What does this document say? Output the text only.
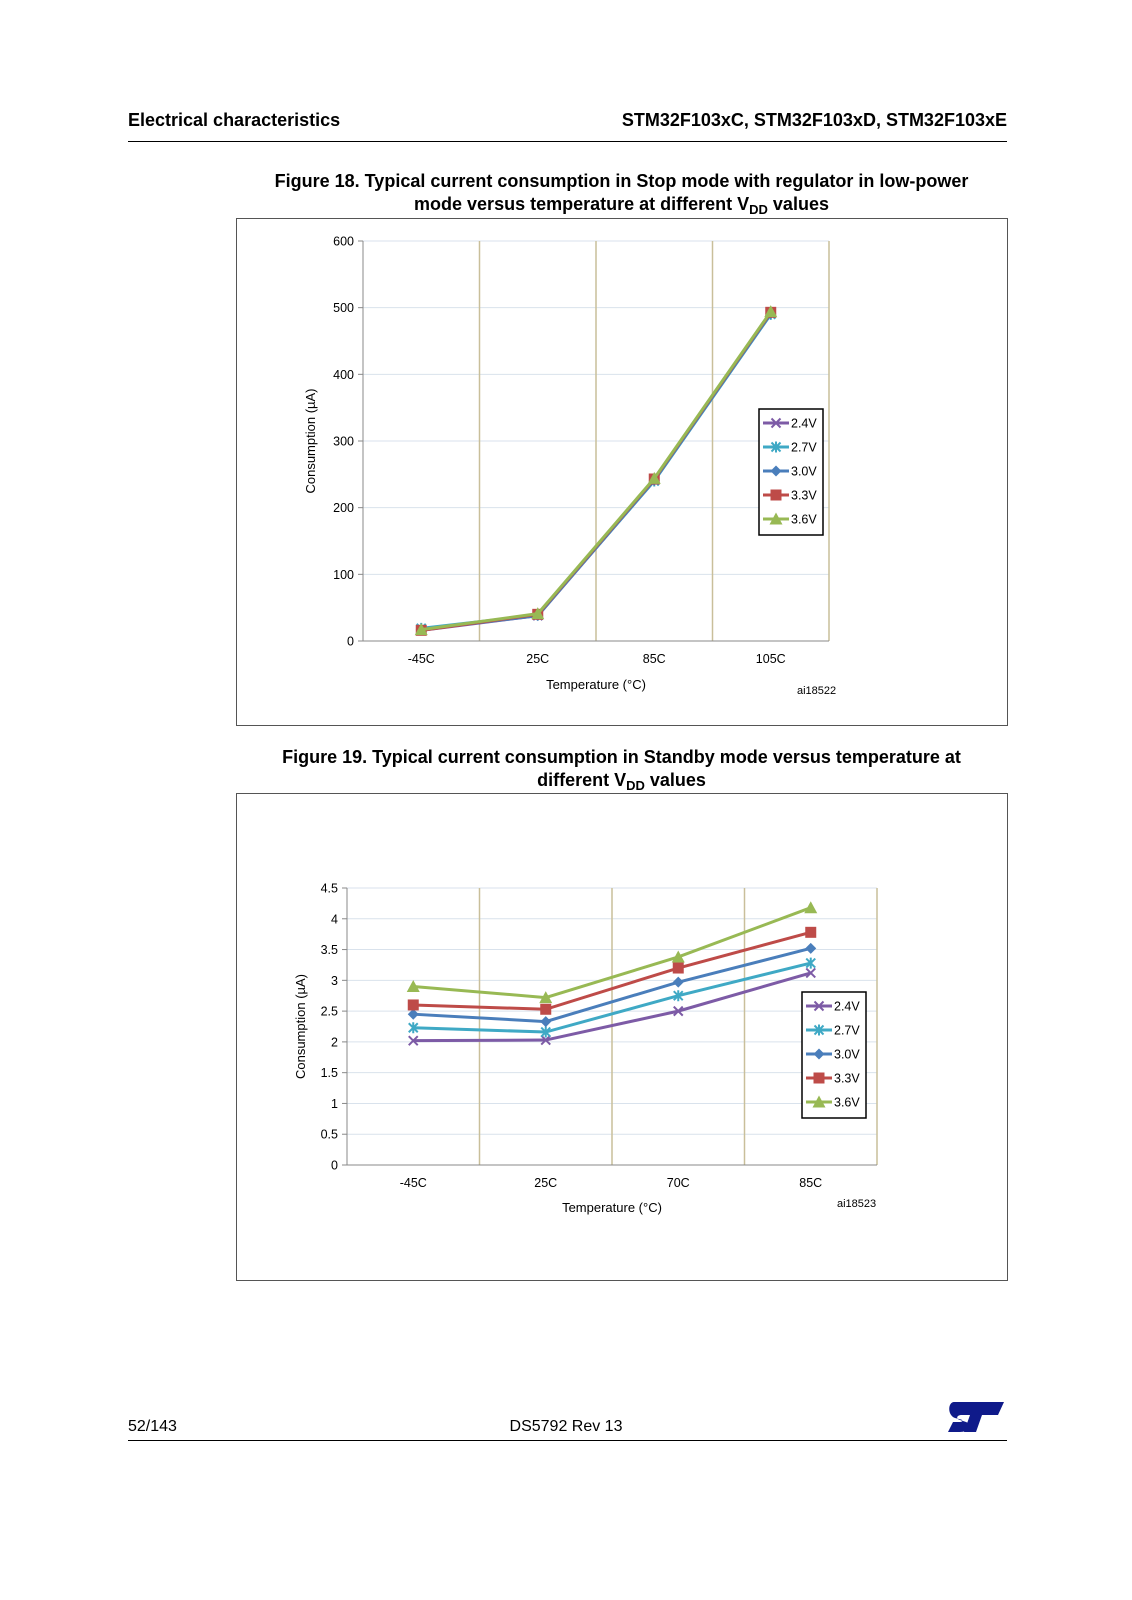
Electrical characteristics	STM32F103xC, STM32F103xD, STM32F103xE
Figure 18. Typical current consumption in Stop mode with regulator in low-power
mode versus temperature at different $V_{DD}$ values
0
100
200
300
400
500
600
-45C	25C	85C	105C
Temperature (°C)
Consumption (µA)
ai18522
2.4V
2.7V
3.0V
3.3V
3.6V
Figure 19. Typical current consumption in Standby mode versus temperature at
different $V_{DD}$ values
0
0.5
1
1.5
2
2.5
3
3.5
4
4.5
-45C	25C	70C	85C
Temperature (°C)
Consumption (µA)
ai18523
2.4V
2.7V
3.0V
3.3V
3.6V
52/143	DS5792 Rev 13
